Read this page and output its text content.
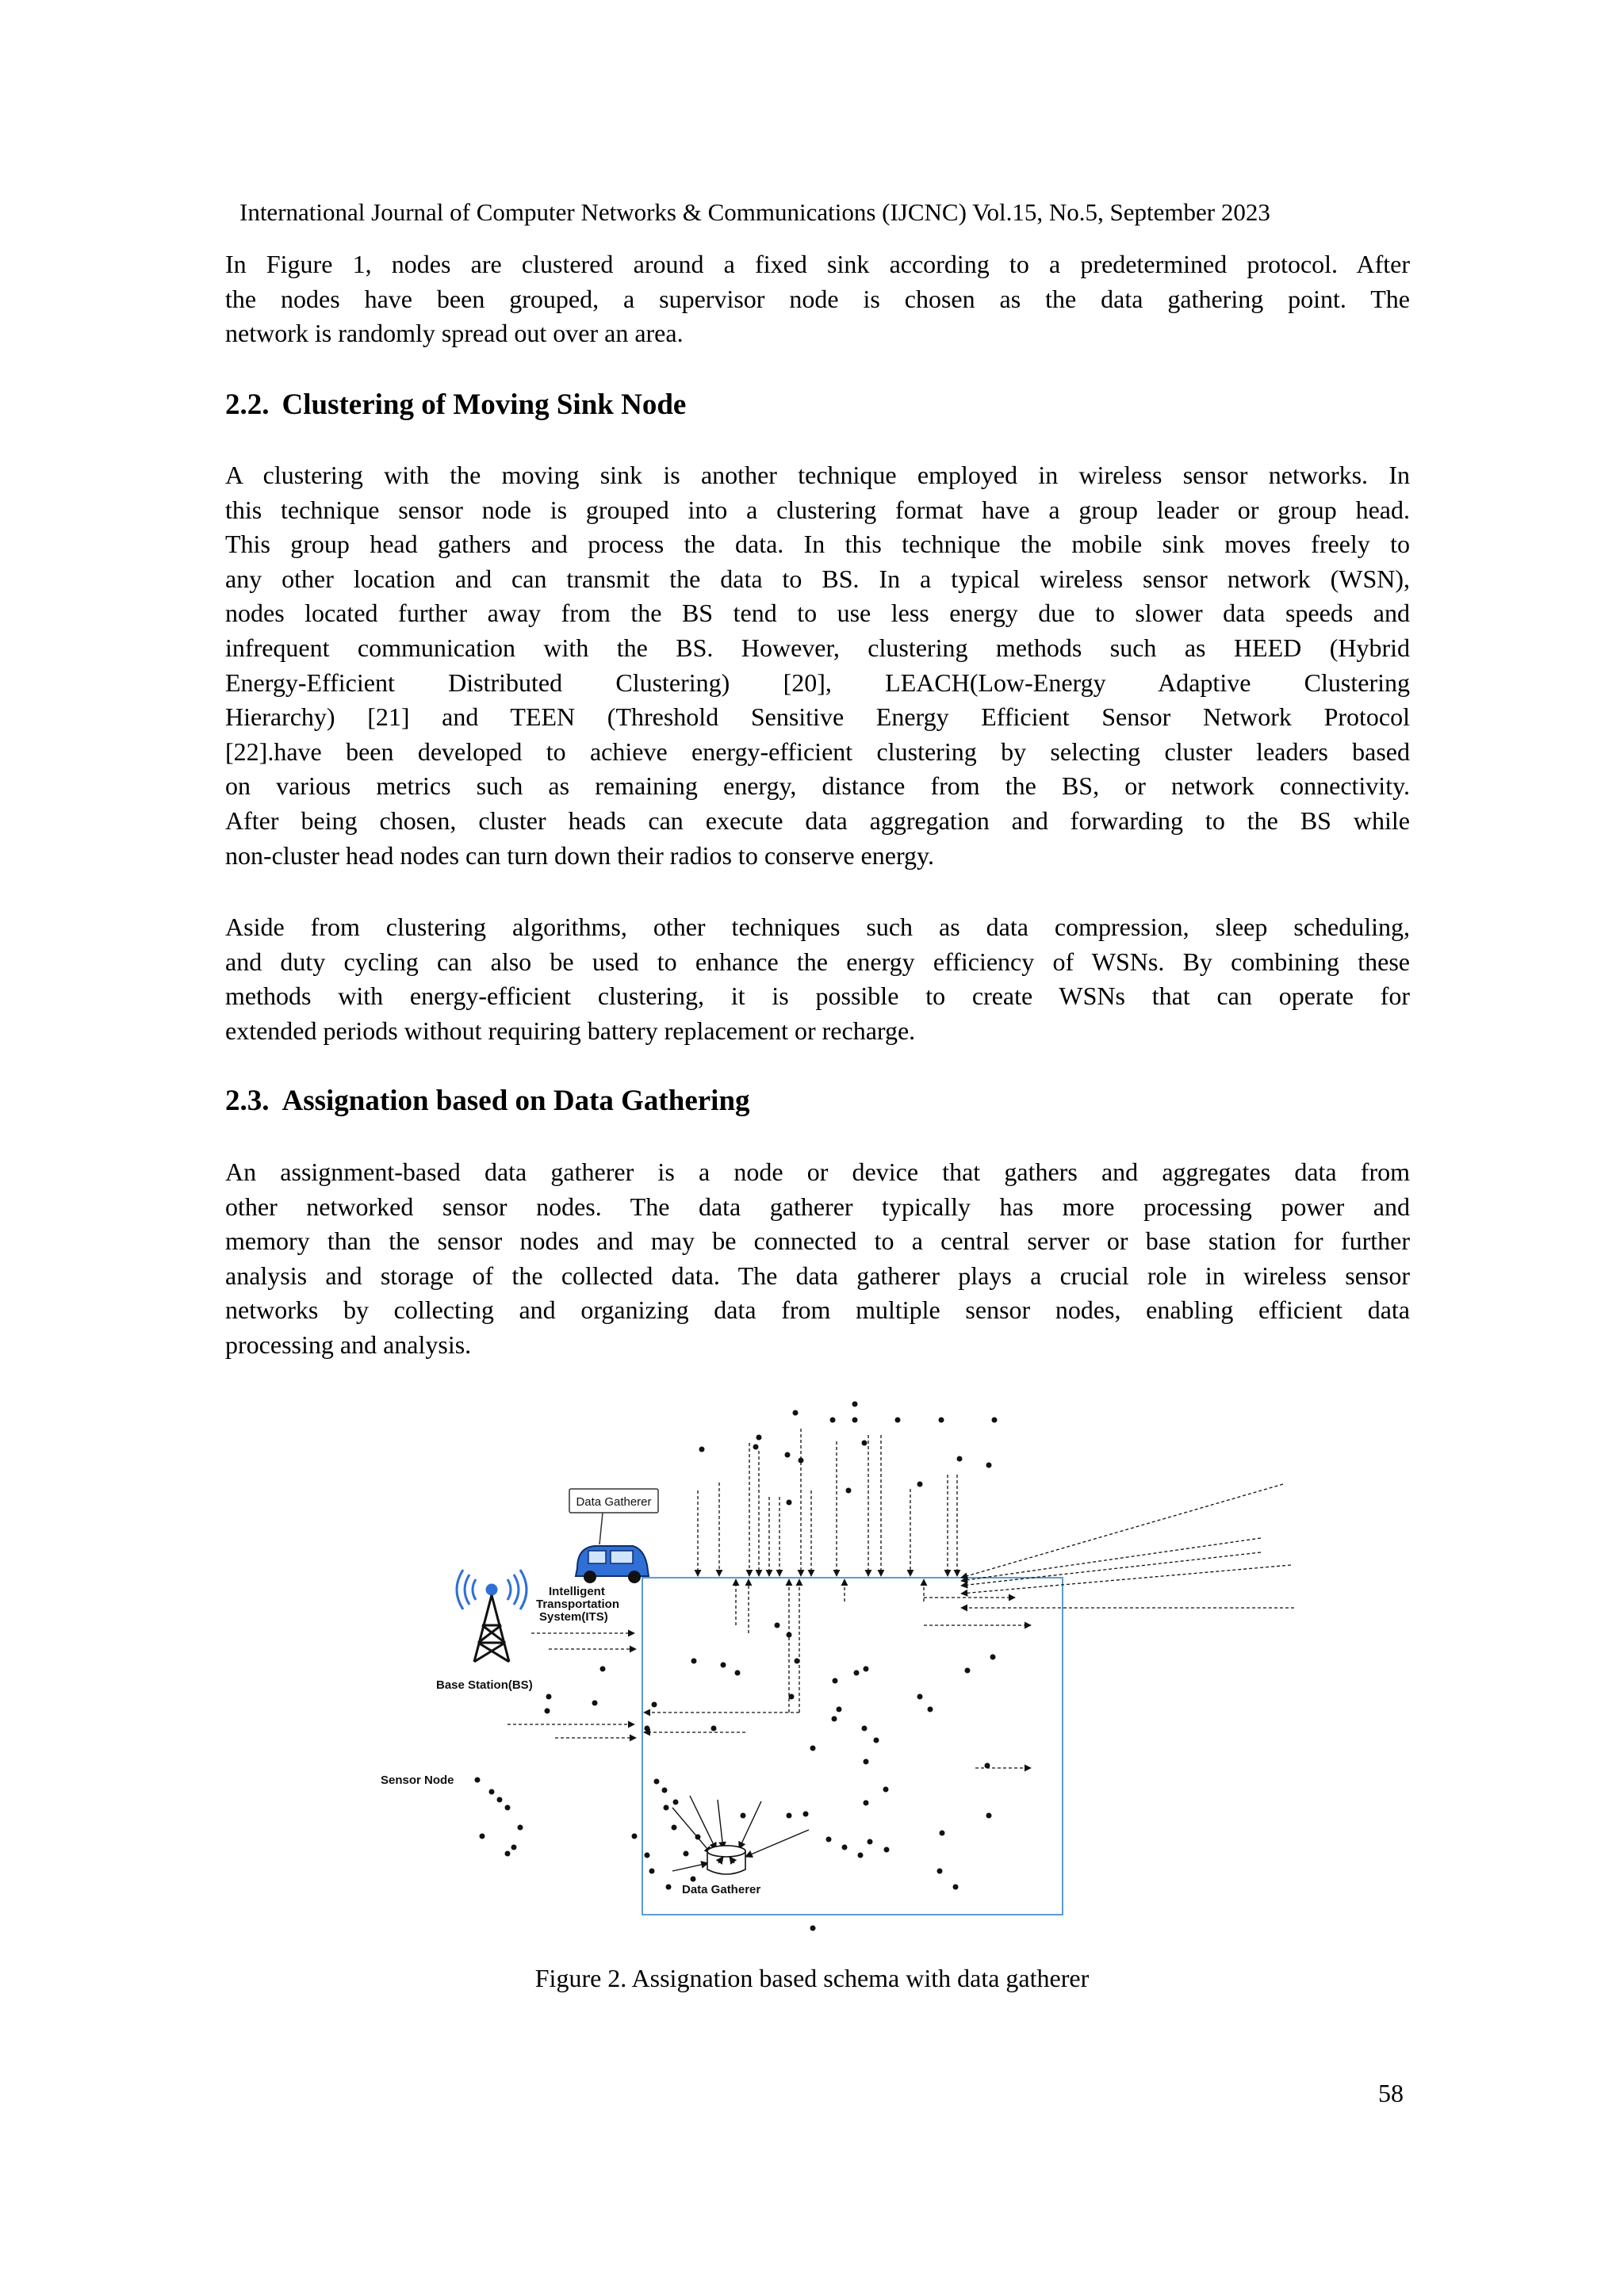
International Journal of Computer Networks & Communications (IJCNC) Vol.15, No.5, September 2023

In Figure 1, nodes are clustered around a fixed sink according to a predetermined protocol. After
the nodes have been grouped, a supervisor node is chosen as the data gathering point. The
network is randomly spread out over an area.

2.2. Clustering of Moving Sink Node

A clustering with the moving sink is another technique employed in wireless sensor networks. In
this technique sensor node is grouped into a clustering format have a group leader or group head.
This group head gathers and process the data. In this technique the mobile sink moves freely to
any other location and can transmit the data to BS. In a typical wireless sensor network (WSN),
nodes located further away from the BS tend to use less energy due to slower data speeds and
infrequent communication with the BS. However, clustering methods such as HEED (Hybrid
Energy-Efficient Distributed Clustering) [20], LEACH(Low-Energy Adaptive Clustering
Hierarchy) [21] and TEEN (Threshold Sensitive Energy Efficient Sensor Network Protocol
[22].have been developed to achieve energy-efficient clustering by selecting cluster leaders based
on various metrics such as remaining energy, distance from the BS, or network connectivity.
After being chosen, cluster heads can execute data aggregation and forwarding to the BS while
non-cluster head nodes can turn down their radios to conserve energy.

Aside from clustering algorithms, other techniques such as data compression, sleep scheduling,
and duty cycling can also be used to enhance the energy efficiency of WSNs. By combining these
methods with energy-efficient clustering, it is possible to create WSNs that can operate for
extended periods without requiring battery replacement or recharge.

2.3. Assignation based on Data Gathering

An assignment-based data gatherer is a node or device that gathers and aggregates data from
other networked sensor nodes. The data gatherer typically has more processing power and
memory than the sensor nodes and may be connected to a central server or base station for further
analysis and storage of the collected data. The data gatherer plays a crucial role in wireless sensor
networks by collecting and organizing data from multiple sensor nodes, enabling efficient data
processing and analysis.

Data Gatherer
Intelligent
Transportation
System(ITS)
Base Station(BS)
Sensor Node
Data Gatherer
Figure 2. Assignation based schema with data gatherer
58
